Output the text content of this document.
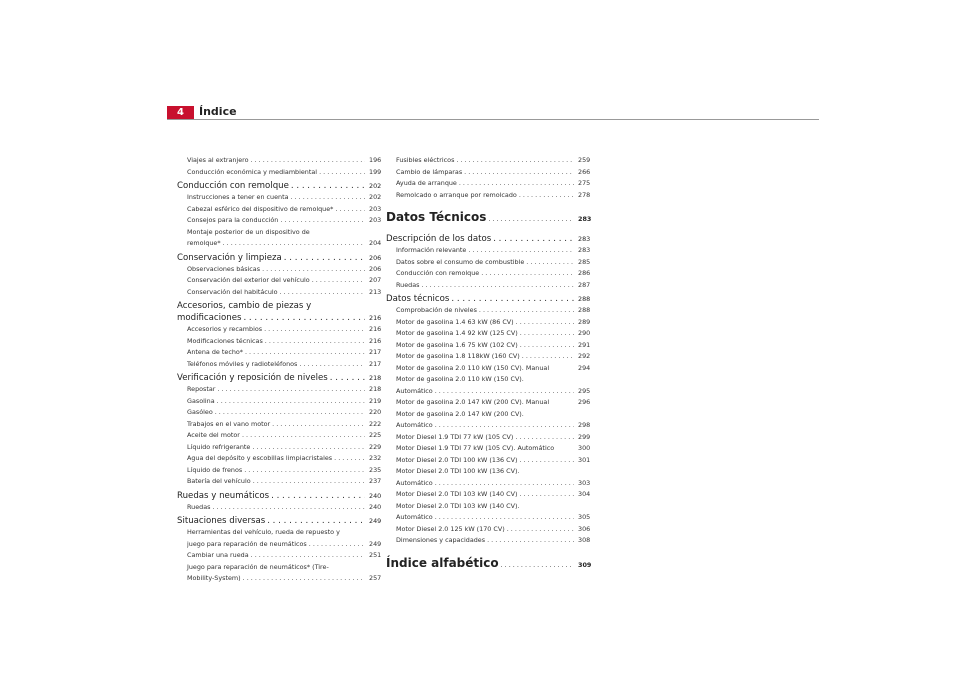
4	Índice
Viajes al extranjero . . .	196
Conducción económica y mediambiental . . .	199
Conducción con remolque . . .	202
Instrucciones a tener en cuenta . . .	202
Cabezal esférico del dispositivo de remolque* . . .	203
Consejos para la conducción . . .	203
Montaje posterior de un dispositivo de
remolque* . . .	204
Conservación y limpieza . . .	206
Observaciones básicas . . .	206
Conservación del exterior del vehículo . . .	207
Conservación del habitáculo . . .	213
Accesorios, cambio de piezas y
modificaciones . . .	216
Accesorios y recambios . . .	216
Modificaciones técnicas . . .	216
Antena de techo* . . .	217
Teléfonos móviles y radioteléfonos . . .	217
Verificación y reposición de niveles . . .	218
Repostar . . .	218
Gasolina . . .	219
Gasóleo . . .	220
Trabajos en el vano motor . . .	222
Aceite del motor . . .	225
Líquido refrigerante . . .	229
Agua del depósito y escobillas limpiacristales . . .	232
Líquido de frenos . . .	235
Batería del vehículo . . .	237
Ruedas y neumáticos . . .	240
Ruedas . . .	240
Situaciones diversas . . .	249
Herramientas del vehículo, rueda de repuesto y
juego para reparación de neumáticos . . .	249
Cambiar una rueda . . .	251
Juego para reparación de neumáticos* (Tire-
Mobility-System) . . .	257
Fusibles eléctricos . . .	259
Cambio de lámparas . . .	266
Ayuda de arranque . . .	275
Remolcado o arranque por remolcado . . .	278
Datos Técnicos . . .	283
Descripción de los datos . . .	283
Información relevante . . .	283
Datos sobre el consumo de combustible . . .	285
Conducción con remolque . . .	286
Ruedas . . .	287
Datos técnicos . . .	288
Comprobación de niveles . . .	288
Motor de gasolina 1.4 63 kW (86 CV) . . .	289
Motor de gasolina 1.4 92 kW (125 CV) . . .	290
Motor de gasolina 1.6 75 kW (102 CV) . . .	291
Motor de gasolina 1.8 118kW (160 CV) . . .	292
Motor de gasolina 2.0 110 kW (150 CV). Manual	294
Motor de gasolina 2.0 110 kW (150 CV).
Automático . . .	295
Motor de gasolina 2.0 147 kW (200 CV). Manual	296
Motor de gasolina 2.0 147 kW (200 CV).
Automático . . .	298
Motor Diesel 1.9 TDI 77 kW (105 CV) . . .	299
Motor Diesel 1.9 TDI 77 kW (105 CV). Automático	300
Motor Diesel 2.0 TDI 100 kW (136 CV) . . .	301
Motor Diesel 2.0 TDI 100 kW (136 CV).
Automático . . .	303
Motor Diesel 2.0 TDI 103 kW (140 CV) . . .	304
Motor Diesel 2.0 TDI 103 kW (140 CV).
Automático . . .	305
Motor Diesel 2.0 125 kW (170 CV) . . .	306
Dimensiones y capacidades . . .	308
Índice alfabético . . .	309
